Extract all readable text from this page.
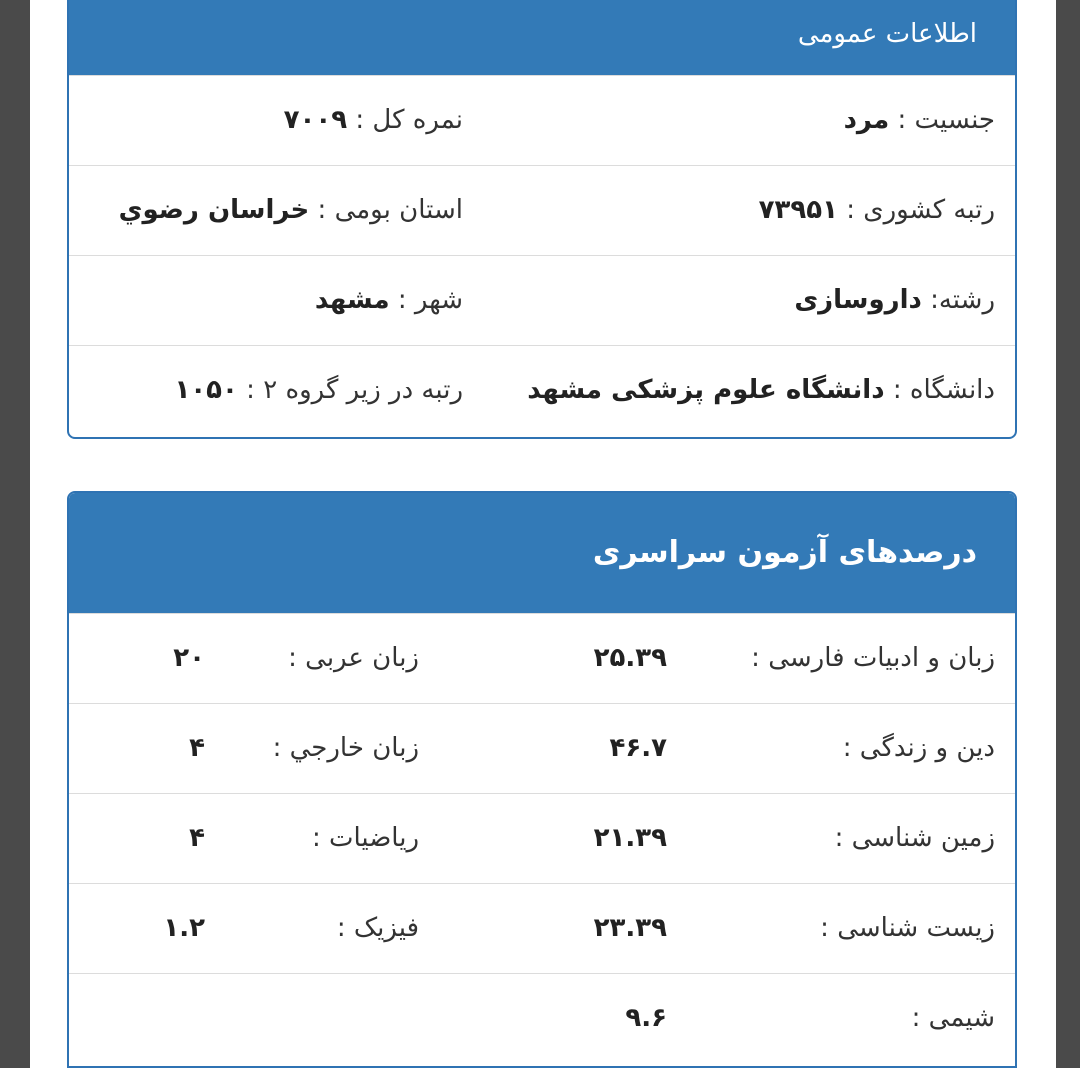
اطلاعات عمومی
جنسیت : مرد
نمره کل : ۷۰۰۹
رتبه کشوری : ۷۳۹۵۱
استان بومی : خراسان رضوي
رشته: داروسازی
شهر : مشهد
دانشگاه : دانشگاه علوم پزشکی مشهد
رتبه در زیر گروه ۲ : ۱۰۵۰
درصدهای آزمون سراسری
زبان و ادبیات فارسی :
۲۵.۳۹
زبان عربی :
۲۰
دین و زندگی :
۴۶.۷
زبان خارجي :
۴
زمین شناسی :
۲۱.۳۹
ریاضیات :
۴
زیست شناسی :
۲۳.۳۹
فیزیک :
۱.۲
شیمی :
۹.۶
